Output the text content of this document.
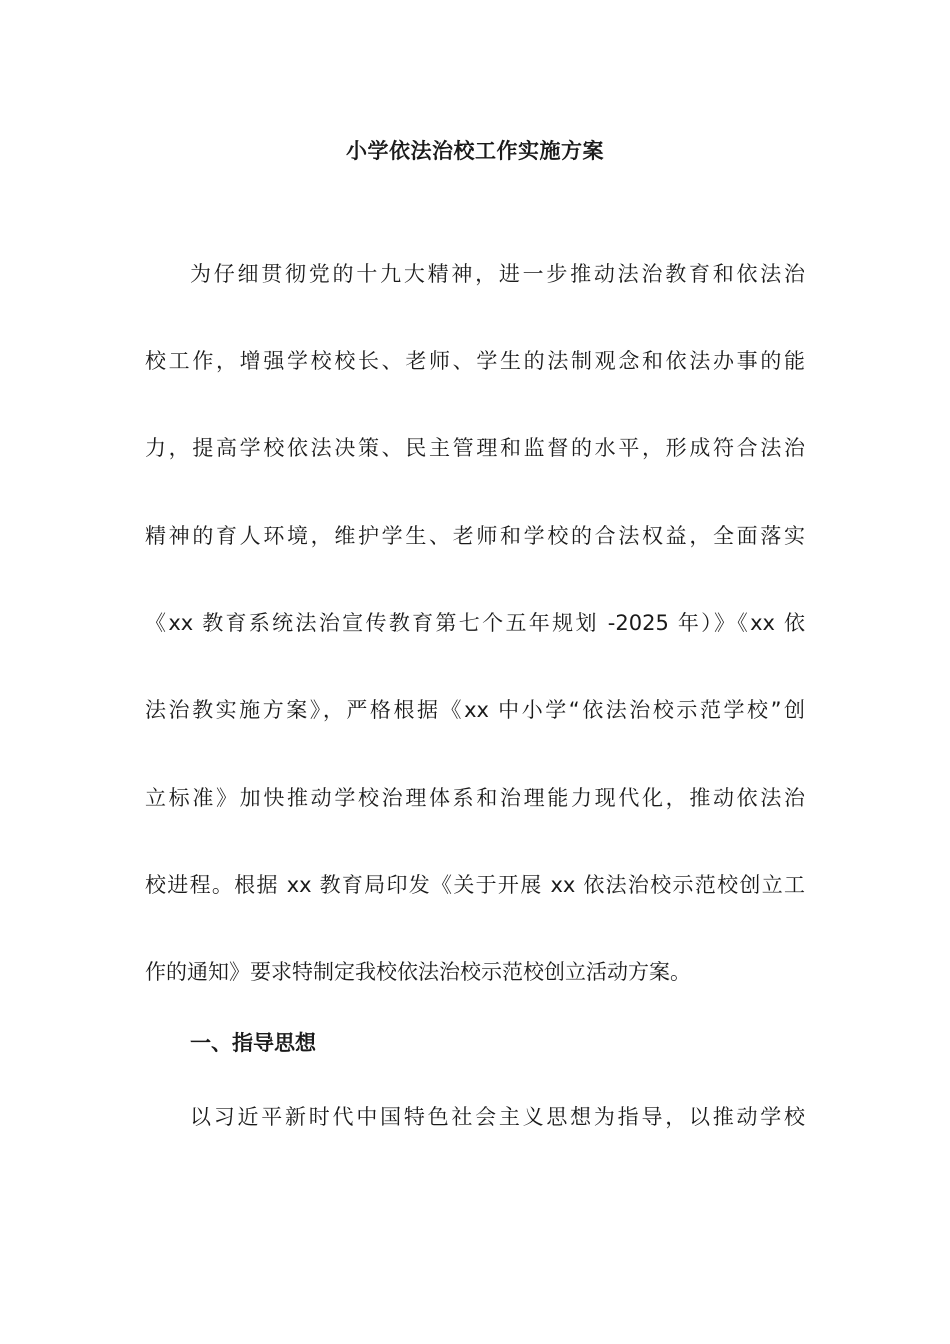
小学依法治校工作实施方案

为仔细贯彻党的十九大精神，进一步推动法治教育和依法治

校工作，增强学校校长、老师、学生的法制观念和依法办事的能

力，提高学校依法决策、民主管理和监督的水平，形成符合法治

精神的育人环境，维护学生、老师和学校的合法权益，全面落实

《xx 教育系统法治宣传教育第七个五年规划 -2025 年）》《xx 依

法治教实施方案》，严格根据《xx 中小学“依法治校示范学校”创

立标准》加快推动学校治理体系和治理能力现代化，推动依法治

校进程。根据 xx 教育局印发《关于开展 xx 依法治校示范校创立工

作的通知》要求特制定我校依法治校示范校创立活动方案。

一、指导思想

以习近平新时代中国特色社会主义思想为指导，以推动学校
